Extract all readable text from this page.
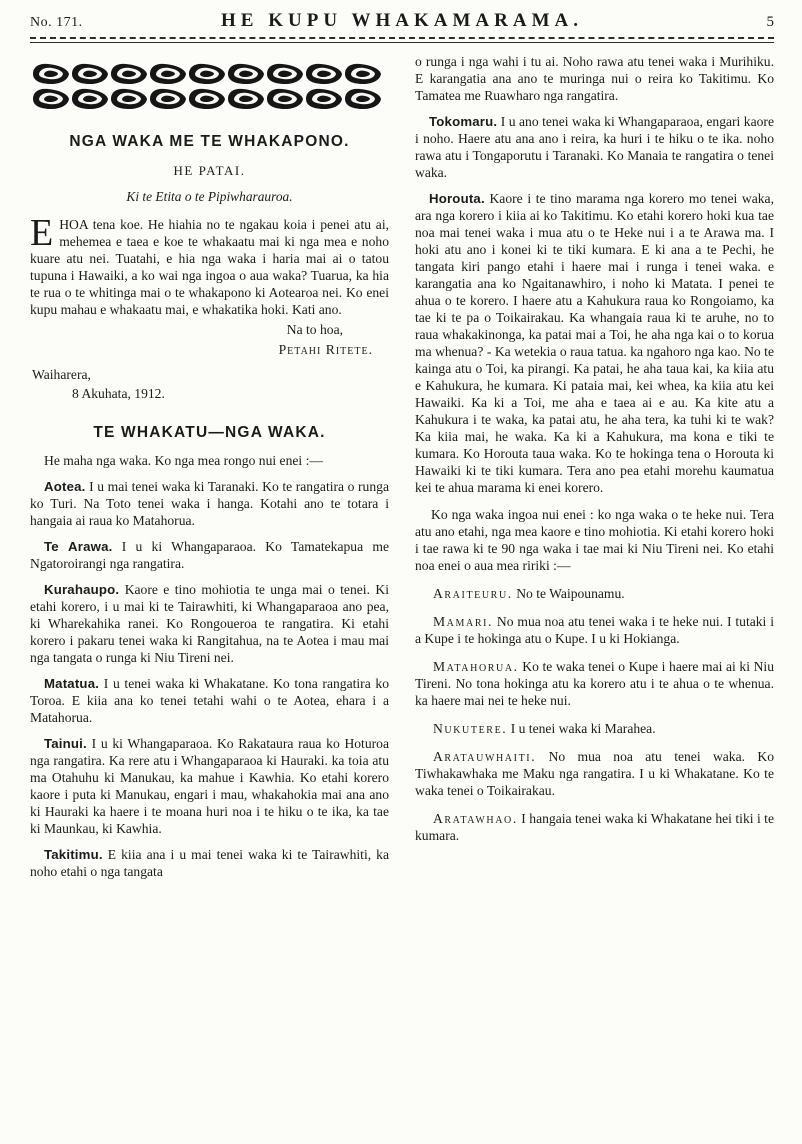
No. 171.	HE KUPU WHAKAMARAMA.	5
NGA WAKA ME TE WHAKAPONO.
HE PATAI.

Ki te Etita o te Pipiwharauroa.

EHOA tena koe. He hiahia no te ngakau koia i penei atu ai, mehemea e taea e koe te whakaatu mai ki nga mea e noho kuare atu nei. Tuatahi, e hia nga waka i haria mai ai o tatou tupuna i Hawaiki, a ko wai nga ingoa o aua waka? Tuarua, ka hia te rua o te whitinga mai o te whakapono ki Aotearoa nei. Ko enei kupu mahau e whakaatu mai, e whakatika hoki. Kati ano.

Na to hoa,

Petahi Ritete.

Waiharera,

8 Akuhata, 1912.

TE WHAKATU—NGA WAKA.

He maha nga waka. Ko nga mea rongo nui enei :—

Aotea. I u mai tenei waka ki Taranaki. Ko te rangatira o runga ko Turi. Na Toto tenei waka i hanga. Kotahi ano te totara i hangaia ai raua ko Matahorua.

Te Arawa. I u ki Whangaparaoa. Ko Tamatekapua me Ngatoroirangi nga rangatira.

Kurahaupo. Kaore e tino mohiotia te unga mai o tenei. Ki etahi korero, i u mai ki te Tairawhiti, ki Whangaparaoa ano pea, ki Wharekahika ranei. Ko Rongoueroa te rangatira. Ki etahi korero i pakaru tenei waka ki Rangitahua, na te Aotea i mau mai nga tangata o runga ki Niu Tireni nei.

Matatua. I u tenei waka ki Whakatane. Ko tona rangatira ko Toroa. E kiia ana ko tenei tetahi wahi o te Aotea, ehara i a Matahorua.

Tainui. I u ki Whangaparaoa. Ko Rakataura raua ko Hoturoa nga rangatira. Ka rere atu i Whangaparaoa ki Hauraki. ka toia atu ma Otahuhu ki Manukau, ka mahue i Kawhia. Ko etahi korero kaore i puta ki Manukau, engari i mau, whakahokia mai ana ano ki Hauraki ka haere i te moana huri noa i te hiku o te ika, ka tae ki Maunkau, ki Kawhia.

Takitimu. E kiia ana i u mai tenei waka ki te Tairawhiti, ka noho etahi o nga tangata

o runga i nga wahi i tu ai. Noho rawa atu tenei waka i Murihiku. E karangatia ana ano te muringa nui o reira ko Takitimu. Ko Tamatea me Ruawharo nga rangatira.

Tokomaru. I u ano tenei waka ki Whangaparaoa, engari kaore i noho. Haere atu ana ano i reira, ka huri i te hiku o te ika. noho rawa atu i Tongaporutu i Taranaki. Ko Manaia te rangatira o tenei waka.

Horouta. Kaore i te tino marama nga korero mo tenei waka, ara nga korero i kiia ai ko Takitimu. Ko etahi korero hoki kua tae noa mai tenei waka i mua atu o te Heke nui i a te Arawa ma. I hoki atu ano i konei ki te tiki kumara. E ki ana a te Pechi, he tangata kiri pango etahi i haere mai i runga i tenei waka. e karangatia ana ko Ngaitanawhiro, i noho ki Matata. I penei te ahua o te korero. I haere atu a Kahukura raua ko Rongoiamo, ka tae ki te pa o Toikairakau. Ka whangaia raua ki te aruhe, no to raua whakakinonga, ka patai mai a Toi, he aha nga kai o to korua ma whenua? - Ka wetekia o raua tatua. ka ngahoro nga kao. No te kainga atu o Toi, ka pirangi. Ka patai, he aha taua kai, ka kiia atu e Kahukura, he kumara. Ki pataia mai, kei whea, ka kiia atu kei Hawaiki. Ka ki a Toi, me aha e taea ai e au. Ka kite atu a Kahukura i te waka, ka patai atu, he aha tera, ka tuhi ki te wak? Ka kiia mai, he waka. Ka ki a Kahukura, ma kona e tiki te kumara. Ko Horouta taua waka. Ko te hokinga tena o Horouta ki Hawaiki ki te tiki kumara. Tera ano pea etahi morehu kaumatua kei te ahua marama ki enei korero.

Ko nga waka ingoa nui enei : ko nga waka o te heke nui. Tera atu ano etahi, nga mea kaore e tino mohiotia. Ki etahi korero hoki i tae rawa ki te 90 nga waka i tae mai ki Niu Tireni nei. Ko etahi noa enei o aua mea ririki :—

Araiteuru. No te Waipounamu.

Mamari. No mua noa atu tenei waka i te heke nui. I tutaki i a Kupe i te hokinga atu o Kupe. I u ki Hokianga.

Matahorua. Ko te waka tenei o Kupe i haere mai ai ki Niu Tireni. No tona hokinga atu ka korero atu i te ahua o te whenua. ka haere mai nei te heke nui.

Nukutere. I u tenei waka ki Marahea.

Aratauwhaiti. No mua noa atu tenei waka. Ko Tiwhakawhaka me Maku nga rangatira. I u ki Whakatane. Ko te waka tenei o Toikairakau.

Aratawhao. I hangaia tenei waka ki Whakatane hei tiki i te kumara.
